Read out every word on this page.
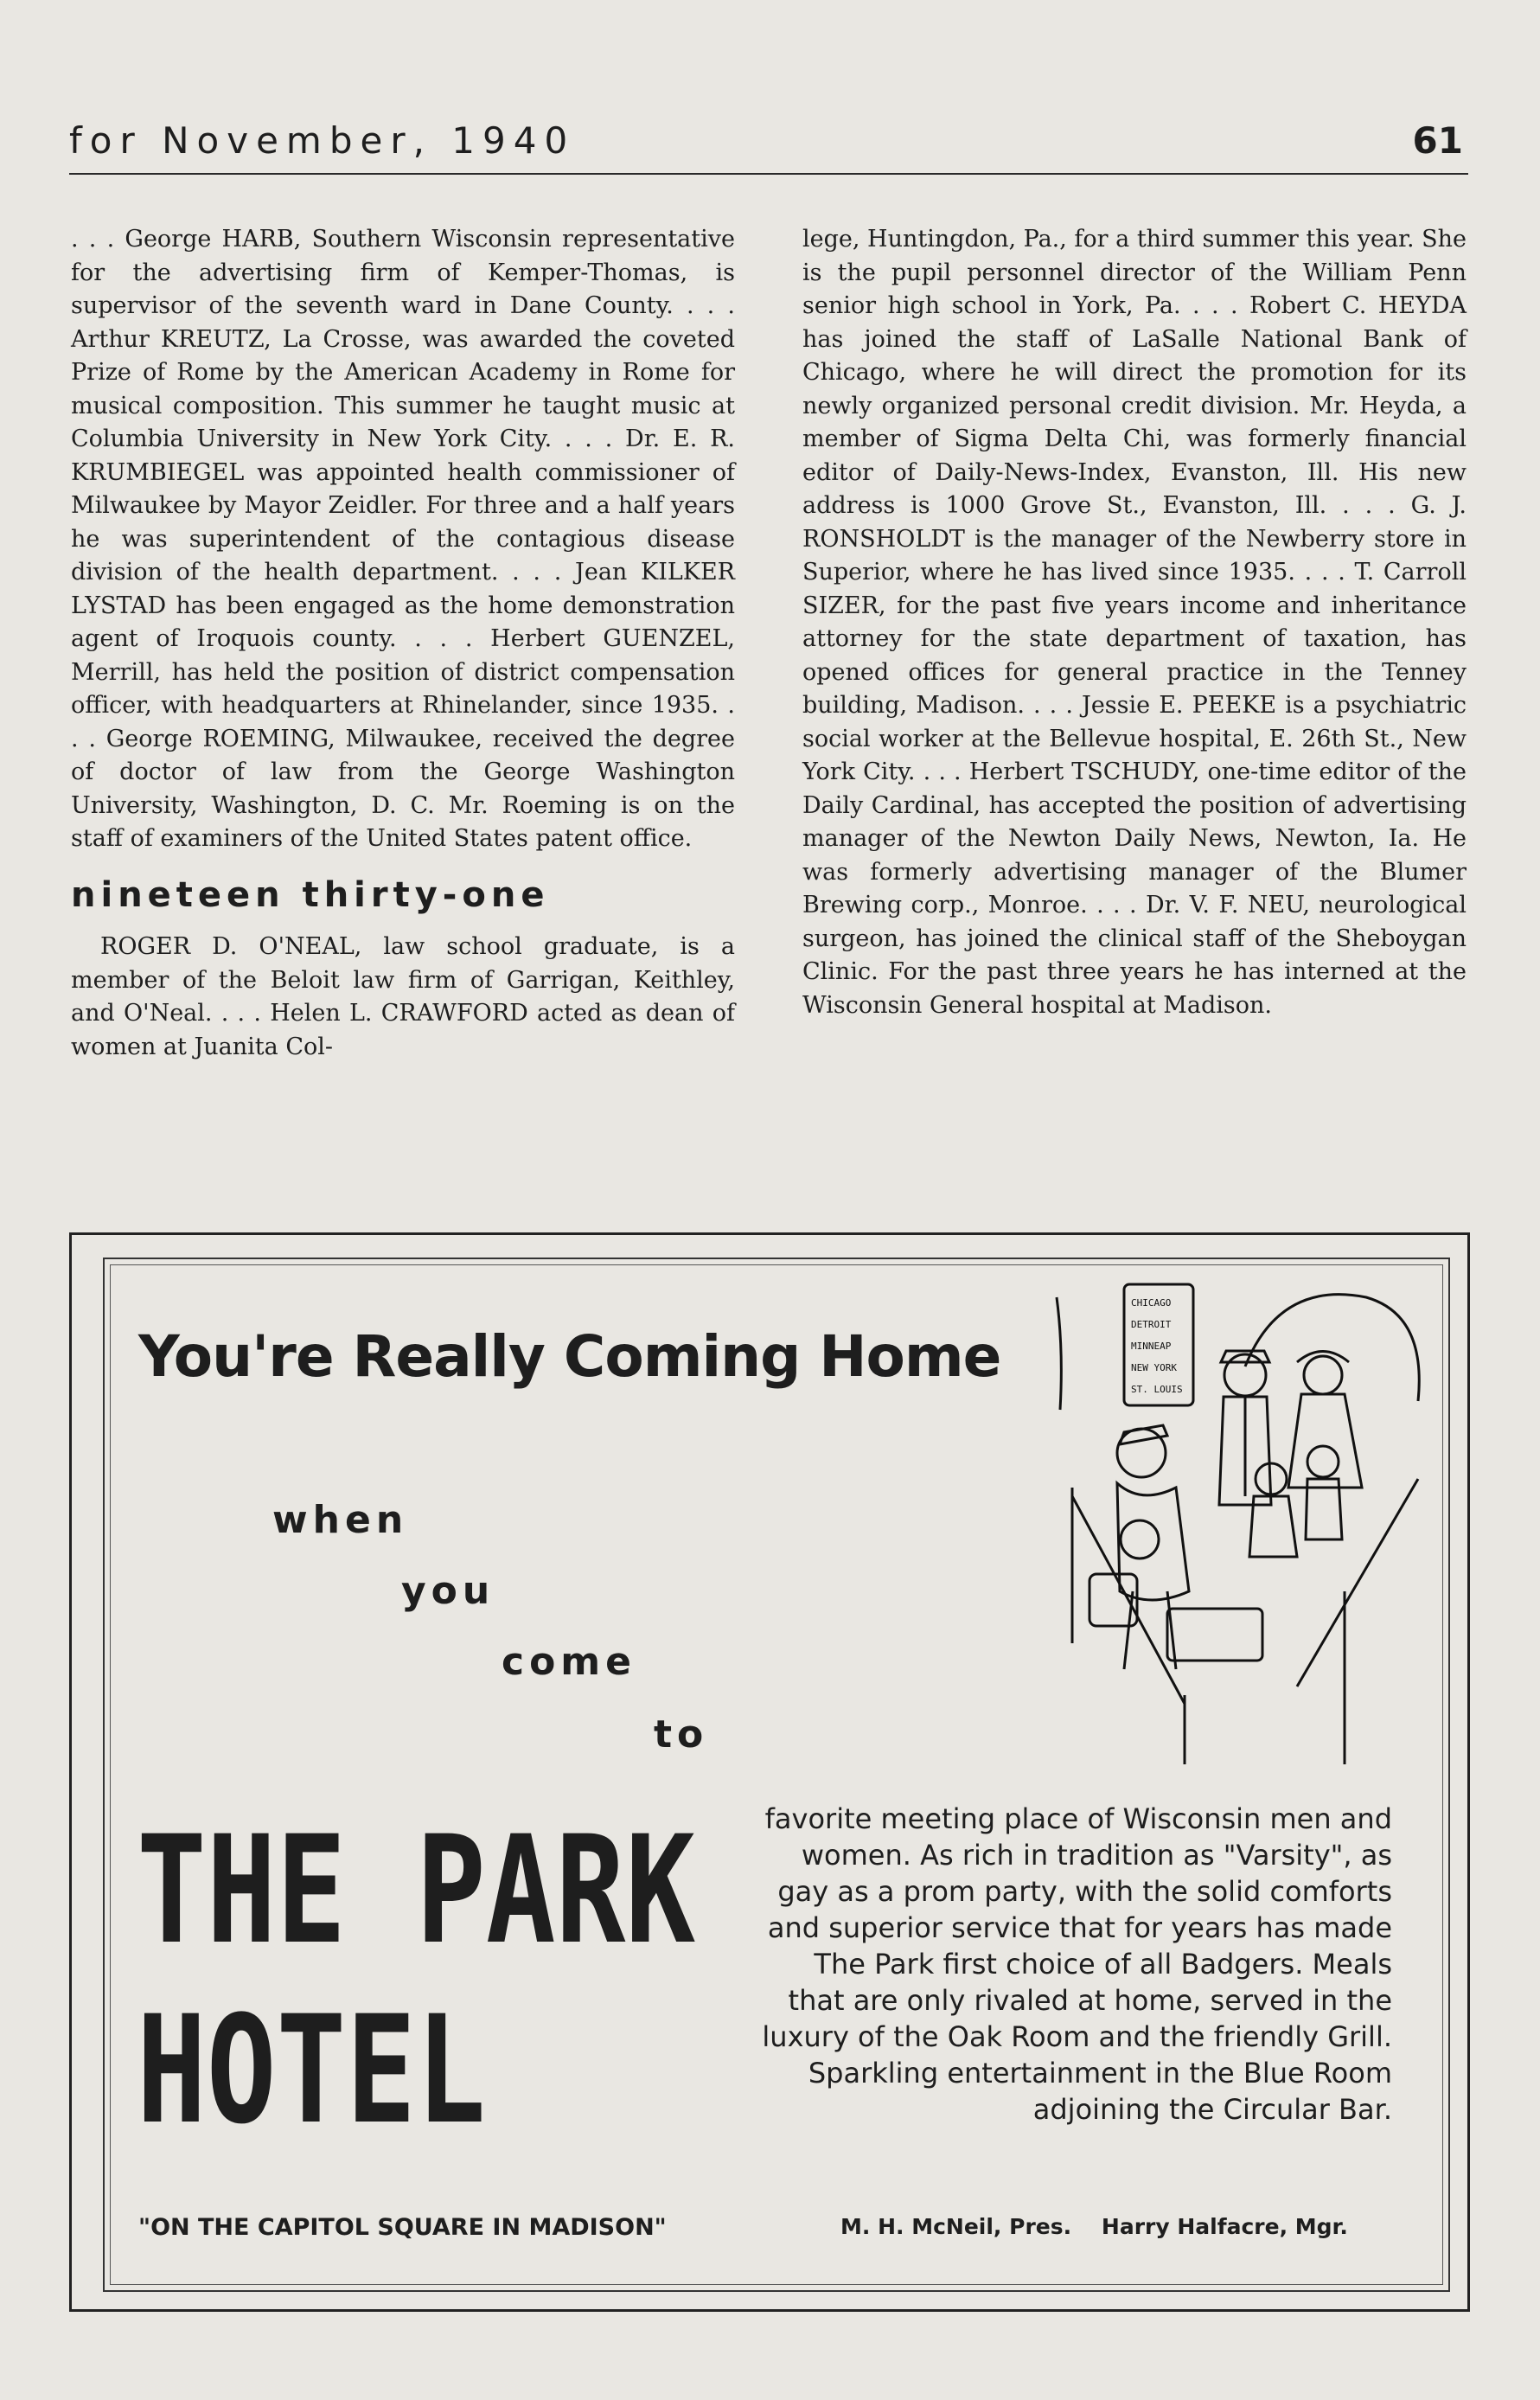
for November, 1940	61

. . . George HARB, Southern Wisconsin representative for the advertising firm of Kemper-Thomas, is supervisor of the seventh ward in Dane County. . . . Arthur KREUTZ, La Crosse, was awarded the coveted Prize of Rome by the American Academy in Rome for musical composition. This summer he taught music at Columbia University in New York City. . . . Dr. E. R. KRUMBIEGEL was appointed health commissioner of Milwaukee by Mayor Zeidler. For three and a half years he was superintendent of the contagious disease division of the health department. . . . Jean KILKER LYSTAD has been engaged as the home demonstration agent of Iroquois county. . . . Herbert GUENZEL, Merrill, has held the position of district compensation officer, with headquarters at Rhinelander, since 1935. . . . George ROEMING, Milwaukee, received the degree of doctor of law from the George Washington University, Washington, D. C. Mr. Roeming is on the staff of examiners of the United States patent office.

nineteen thirty-one

ROGER D. O'NEAL, law school graduate, is a member of the Beloit law firm of Garrigan, Keithley, and O'Neal. . . . Helen L. CRAWFORD acted as dean of women at Juanita Col-

lege, Huntingdon, Pa., for a third summer this year. She is the pupil personnel director of the William Penn senior high school in York, Pa. . . . Robert C. HEYDA has joined the staff of LaSalle National Bank of Chicago, where he will direct the promotion for its newly organized personal credit division. Mr. Heyda, a member of Sigma Delta Chi, was formerly financial editor of Daily-News-Index, Evanston, Ill. His new address is 1000 Grove St., Evanston, Ill. . . . G. J. RONSHOLDT is the manager of the Newberry store in Superior, where he has lived since 1935. . . . T. Carroll SIZER, for the past five years income and inheritance attorney for the state department of taxation, has opened offices for general practice in the Tenney building, Madison. . . . Jessie E. PEEKE is a psychiatric social worker at the Bellevue hospital, E. 26th St., New York City. . . . Herbert TSCHUDY, one-time editor of the Daily Cardinal, has accepted the position of advertising manager of the Newton Daily News, Newton, Ia. He was formerly advertising manager of the Blumer Brewing corp., Monroe. . . . Dr. V. F. NEU, neurological surgeon, has joined the clinical staff of the Sheboygan Clinic. For the past three years he has interned at the Wisconsin General hospital at Madison.

You're Really Coming Home
when
you
come
to
THE PARK
HOTEL
favorite meeting place of Wisconsin men and women. As rich in tradition as "Varsity", as gay as a prom party, with the solid comforts and superior service that for years has made The Park first choice of all Badgers. Meals that are only rivaled at home, served in the luxury of the Oak Room and the friendly Grill. Sparkling entertainment in the Blue Room adjoining the Circular Bar.
"ON THE CAPITOL SQUARE IN MADISON"	M. H. McNeil, Pres.    Harry Halfacre, Mgr.
CHICAGO
DETROIT
MINNEAP
NEW YORK
ST. LOUIS
